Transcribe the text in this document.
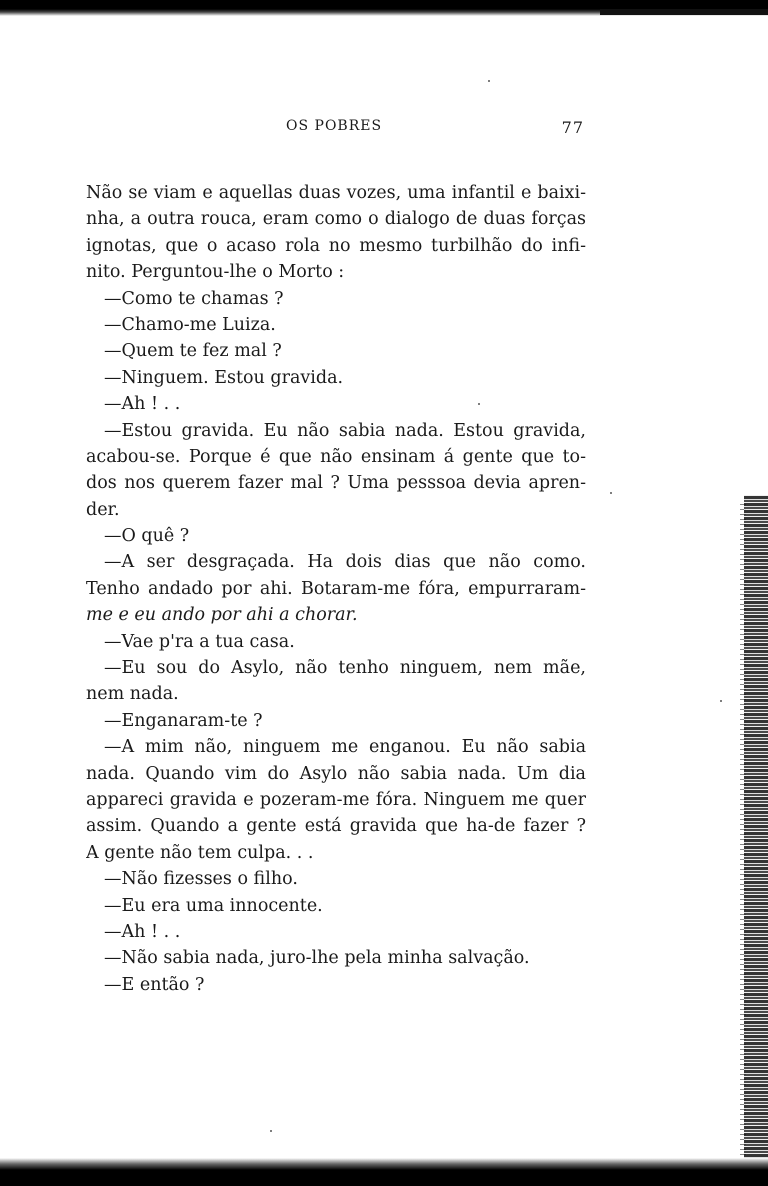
OS POBRES	77
Não se viam e aquellas duas vozes, uma infantil e baixi-
nha, a outra rouca, eram como o dialogo de duas forças
ignotas, que o acaso rola no mesmo turbilhão do infi-
nito. Perguntou-lhe o Morto :
—Como te chamas ?
—Chamo-me Luiza.
—Quem te fez mal ?
—Ninguem. Estou gravida.
—Ah ! . .
—Estou gravida. Eu não sabia nada. Estou gravida,
acabou-se. Porque é que não ensinam á gente que to-
dos nos querem fazer mal ? Uma pesssoa devia apren-
der.
—O quê ?
—A ser desgraçada. Ha dois dias que não como.
Tenho andado por ahi. Botaram-me fóra, empurraram-
me e eu ando por ahi a chorar.
—Vae p'ra a tua casa.
—Eu sou do Asylo, não tenho ninguem, nem mãe,
nem nada.
—Enganaram-te ?
—A mim não, ninguem me enganou. Eu não sabia
nada. Quando vim do Asylo não sabia nada. Um dia
appareci gravida e pozeram-me fóra. Ninguem me quer
assim. Quando a gente está gravida que ha-de fazer ?
A gente não tem culpa. . .
—Não fizesses o filho.
—Eu era uma innocente.
—Ah ! . .
—Não sabia nada, juro-lhe pela minha salvação.
—E então ?
